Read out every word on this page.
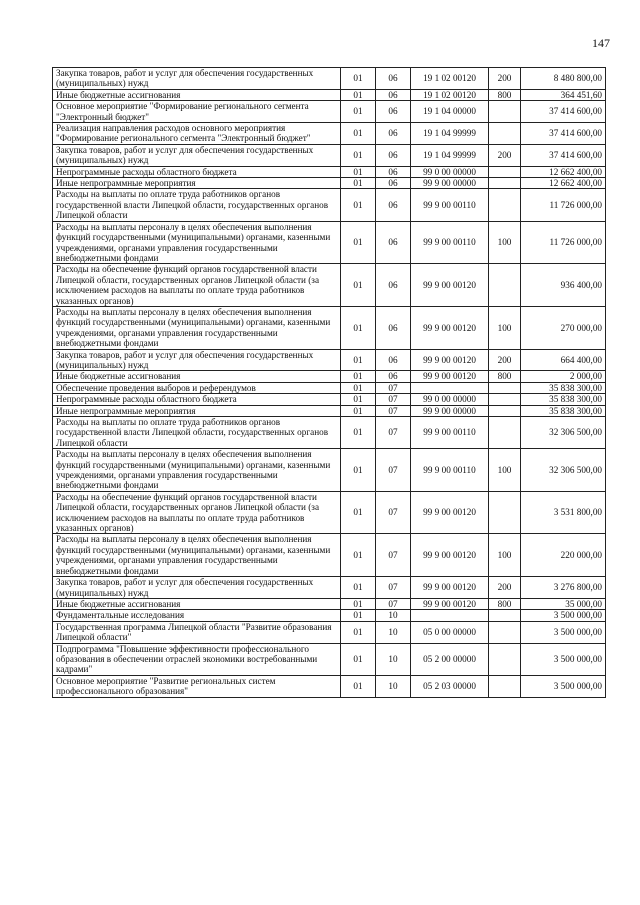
147
Закупка товаров, работ и услуг для обеспечения государственных (муниципальных) нужд	01	06	19 1 02 00120	200	8 480 800,00
Иные бюджетные ассигнования	01	06	19 1 02 00120	800	364 451,60
Основное мероприятие "Формирование регионального сегмента "Электронный бюджет"	01	06	19 1 04 00000		37 414 600,00
Реализация направления расходов основного мероприятия "Формирование регионального сегмента "Электронный бюджет"	01	06	19 1 04 99999		37 414 600,00
Закупка товаров, работ и услуг для обеспечения государственных (муниципальных) нужд	01	06	19 1 04 99999	200	37 414 600,00
Непрограммные расходы областного бюджета	01	06	99 0 00 00000		12 662 400,00
Иные непрограммные мероприятия	01	06	99 9 00 00000		12 662 400,00
Расходы на выплаты по оплате труда работников органов государственной власти Липецкой области, государственных органов Липецкой области	01	06	99 9 00 00110		11 726 000,00
Расходы на выплаты персоналу в целях обеспечения выполнения функций государственными (муниципальными) органами, казенными учреждениями, органами управления государственными внебюджетными фондами	01	06	99 9 00 00110	100	11 726 000,00
Расходы на обеспечение функций органов государственной власти Липецкой области, государственных органов Липецкой области (за исключением расходов на выплаты по оплате труда работников указанных органов)	01	06	99 9 00 00120		936 400,00
Расходы на выплаты персоналу в целях обеспечения выполнения функций государственными (муниципальными) органами, казенными учреждениями, органами управления государственными внебюджетными фондами	01	06	99 9 00 00120	100	270 000,00
Закупка товаров, работ и услуг для обеспечения государственных (муниципальных) нужд	01	06	99 9 00 00120	200	664 400,00
Иные бюджетные ассигнования	01	06	99 9 00 00120	800	2 000,00
Обеспечение проведения выборов и референдумов	01	07			35 838 300,00
Непрограммные расходы областного бюджета	01	07	99 0 00 00000		35 838 300,00
Иные непрограммные мероприятия	01	07	99 9 00 00000		35 838 300,00
Расходы на выплаты по оплате труда работников органов государственной власти Липецкой области, государственных органов Липецкой области	01	07	99 9 00 00110		32 306 500,00
Расходы на выплаты персоналу в целях обеспечения выполнения функций государственными (муниципальными) органами, казенными учреждениями, органами управления государственными внебюджетными фондами	01	07	99 9 00 00110	100	32 306 500,00
Расходы на обеспечение функций органов государственной власти Липецкой области, государственных органов Липецкой области (за исключением расходов на выплаты по оплате труда работников указанных органов)	01	07	99 9 00 00120		3 531 800,00
Расходы на выплаты персоналу в целях обеспечения выполнения функций государственными (муниципальными) органами, казенными учреждениями, органами управления государственными внебюджетными фондами	01	07	99 9 00 00120	100	220 000,00
Закупка товаров, работ и услуг для обеспечения государственных (муниципальных) нужд	01	07	99 9 00 00120	200	3 276 800,00
Иные бюджетные ассигнования	01	07	99 9 00 00120	800	35 000,00
Фундаментальные исследования	01	10			3 500 000,00
Государственная программа Липецкой области "Развитие образования Липецкой области"	01	10	05 0 00 00000		3 500 000,00
Подпрограмма "Повышение эффективности профессионального образования в обеспечении отраслей экономики востребованными кадрами"	01	10	05 2 00 00000		3 500 000,00
Основное мероприятие "Развитие региональных систем профессионального образования"	01	10	05 2 03 00000		3 500 000,00
